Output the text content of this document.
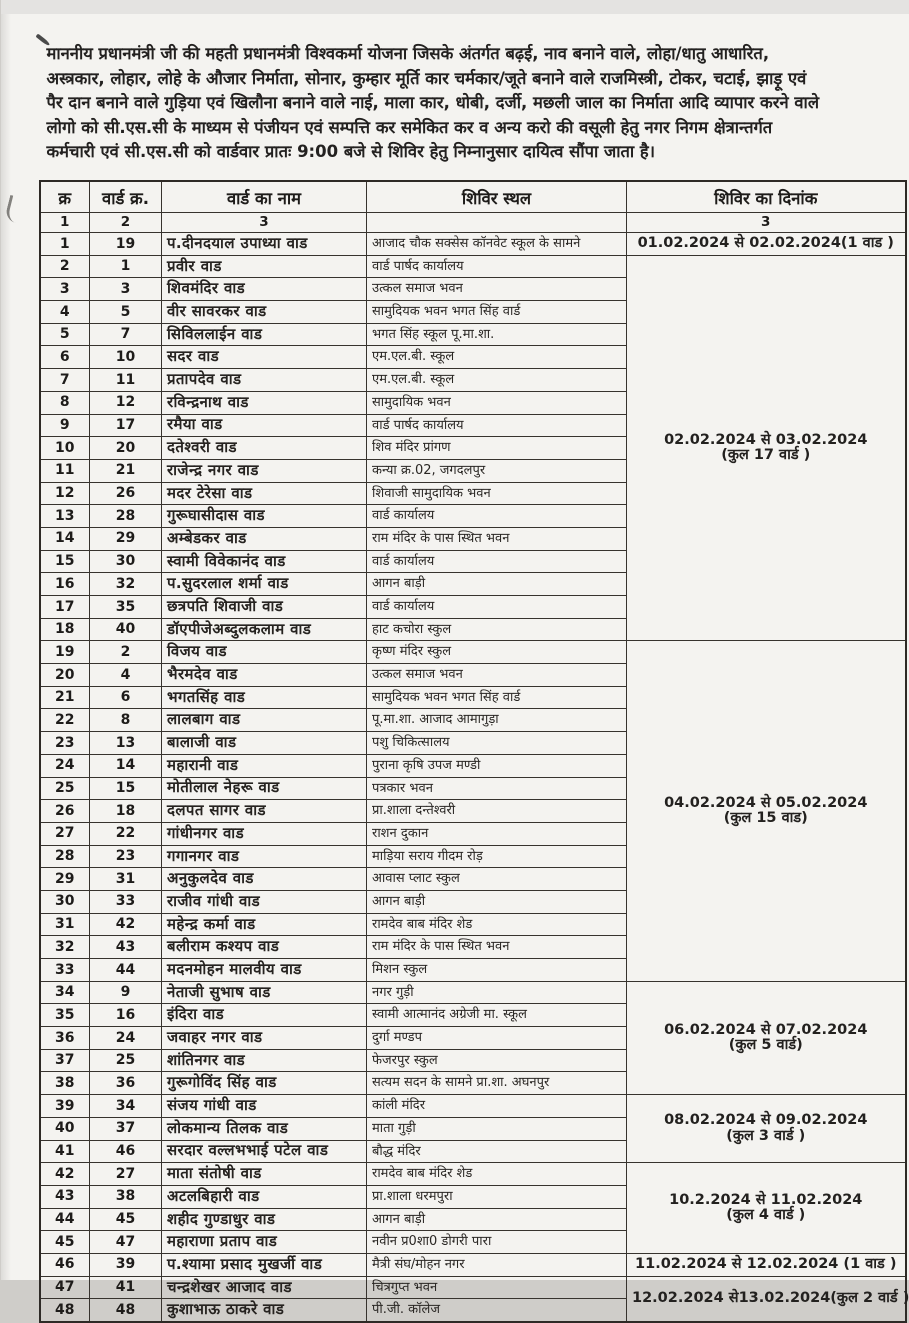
माननीय प्रधानमंत्री जी की महती प्रधानमंत्री विश्वकर्मा योजना जिसके अंतर्गत बढ़ई, नाव बनाने वाले, लोहा/धातु आधारित,
अस्त्रकार, लोहार, लोहे के औजार निर्माता, सोनार, कुम्हार मूर्ति कार चर्मकार/जूते बनाने वाले राजमिस्त्री, टोकर, चटाई, झाड़ू एवं
पैर दान बनाने वाले गुड़िया एवं खिलौना बनाने वाले नाई, माला कार, धोबी, दर्जी, मछली जाल का निर्माता आदि व्यापार करने वाले
लोगो को सी.एस.सी के माध्यम से पंजीयन एवं सम्पत्ति कर समेकित कर व अन्य करो की वसूली हेतु नगर निगम क्षेत्रान्तर्गत
कर्मचारी एवं सी.एस.सी को वार्डवार प्रातः 9:00 बजे से शिविर हेतु निम्नानुसार दायित्व सौंपा जाता है।
क्र	वार्ड क्र.	वार्ड का नाम	शिविर स्थल	शिविर का दिनांक
1	2	3		3
1	19	प.दीनदयाल उपाध्या वाड	आजाद चौक सक्सेस कॉनवेट स्कूल के सामने	01.02.2024 से 02.02.2024(1 वाड )

2	1	प्रवीर वाड	वार्ड पार्षद कार्यालय	02.02.2024 से 03.02.2024
(कुल 17 वार्ड )

3	3	शिवमंदिर वाड	उत्कल समाज भवन	
4	5	वीर सावरकर वाड	सामुदियक भवन भगत सिंह वार्ड	
5	7	सिविललाईन वाड	भगत सिंह स्कूल पू.मा.शा.	
6	10	सदर वाड	एम.एल.बी. स्कूल	
7	11	प्रतापदेव वाड	एम.एल.बी. स्कूल	
8	12	रविन्द्रनाथ वाड	सामुदायिक भवन	
9	17	रमैया वाड	वार्ड पार्षद कार्यालय	
10	20	दतेश्वरी वाड	शिव मंदिर प्रांगण	
11	21	राजेन्द्र नगर वाड	कन्या क्र.02, जगदलपुर	
12	26	मदर टेरेसा वाड	शिवाजी सामुदायिक भवन	
13	28	गुरूघासीदास वाड	वार्ड कार्यालय	
14	29	अम्बेडकर वाड	राम मंदिर के पास स्थित भवन	
15	30	स्वामी विवेकानंद वाड	वार्ड कार्यालय	
16	32	प.सुदरलाल शर्मा वाड	आगन बाड़ी	
17	35	छत्रपति शिवाजी वाड	वार्ड कार्यालय	
18	40	डॉएपीजेअब्दुलकलाम वाड	हाट कचोरा स्कुल	
19	2	विजय वाड	कृष्ण मंदिर स्कुल	04.02.2024 से 05.02.2024
(कुल 15 वाड)

20	4	भैरमदेव वाड	उत्कल समाज भवन	
21	6	भगतसिंह वाड	सामुदियक भवन भगत सिंह वार्ड	
22	8	लालबाग वाड	पू.मा.शा. आजाद आमागुड़ा	
23	13	बालाजी वाड	पशु चिकित्सालय	
24	14	महारानी वाड	पुराना कृषि उपज मण्डी	
25	15	मोतीलाल नेहरू वाड	पत्रकार भवन	
26	18	दलपत सागर वाड	प्रा.शाला दन्तेश्वरी	
27	22	गांधीनगर वाड	राशन दुकान	
28	23	गगानगर वाड	माड़िया सराय गीदम रोड़	
29	31	अनुकुलदेव वाड	आवास प्लाट स्कुल	
30	33	राजीव गांधी वाड	आगन बाड़ी	
31	42	महेन्द्र कर्मा वाड	रामदेव बाब मंदिर शेड	
32	43	बलीराम कश्यप वाड	राम मंदिर के पास स्थित भवन	
33	44	मदनमोहन मालवीय वाड	मिशन स्कुल	
34	9	नेताजी सुभाष वाड	नगर गुड़ी	06.02.2024 से 07.02.2024
(कुल 5 वार्ड)

35	16	इंदिरा वाड	स्वामी आत्मानंद अग्रेजी मा. स्कूल	
36	24	जवाहर नगर वाड	दुर्गा मण्डप	
37	25	शांतिनगर वाड	फेजरपुर स्कुल	
38	36	गुरूगोविंद सिंह वाड	सत्यम सदन के सामने प्रा.शा. अघनपुर	
39	34	संजय गांधी वाड	कांली मंदिर	08.02.2024 से 09.02.2024
(कुल 3 वार्ड )

40	37	लोकमान्य तिलक वाड	माता गुड़ी	
41	46	सरदार वल्लभभाई पटेल वाड	बौद्ध मंदिर	
42	27	माता संतोषी वाड	रामदेव बाब मंदिर शेड	10.2.2024 से 11.02.2024
(कुल 4 वार्ड )

43	38	अटलबिहारी वाड	प्रा.शाला धरमपुरा	
44	45	शहीद गुण्डाधुर वाड	आगन बाड़ी	
45	47	महाराणा प्रताप वाड	नवीन प्र0शा0 डोगरी पारा	
46	39	प.श्यामा प्रसाद मुखर्जी वाड	मैत्री संघ/मोहन नगर	11.02.2024 से 12.02.2024 (1 वाड )

47	41	चन्द्रशेखर आजाद वाड	चित्रगुप्त भवन	12.02.2024 से13.02.2024(कुल 2 वार्ड )

48	48	कुशाभाऊ ठाकरे वाड	पी.जी. कॉलेज	
